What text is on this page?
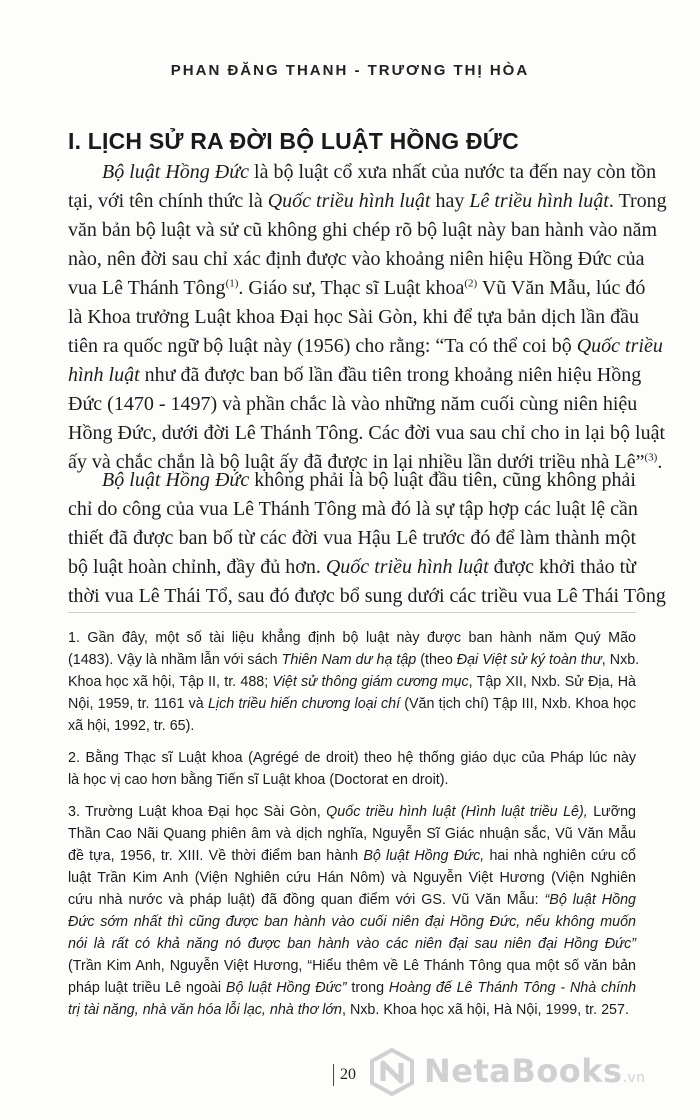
PHAN ĐĂNG THANH - TRƯƠNG THỊ HÒA
I. LỊCH SỬ RA ĐỜI BỘ LUẬT HỒNG ĐỨC
Bộ luật Hồng Đức là bộ luật cổ xưa nhất của nước ta đến nay còn tồn
tại, với tên chính thức là Quốc triều hình luật hay Lê triều hình luật. Trong
văn bản bộ luật và sử cũ không ghi chép rõ bộ luật này ban hành vào năm
nào, nên đời sau chỉ xác định được vào khoảng niên hiệu Hồng Đức của
vua Lê Thánh Tông$^{(1)}$. Giáo sư, Thạc sĩ Luật khoa$^{(2)}$ Vũ Văn Mẫu, lúc đó
là Khoa trưởng Luật khoa Đại học Sài Gòn, khi để tựa bản dịch lần đầu
tiên ra quốc ngữ bộ luật này (1956) cho rằng: “Ta có thể coi bộ Quốc triều
hình luật như đã được ban bố lần đầu tiên trong khoảng niên hiệu Hồng
Đức (1470 - 1497) và phần chắc là vào những năm cuối cùng niên hiệu
Hồng Đức, dưới đời Lê Thánh Tông. Các đời vua sau chỉ cho in lại bộ luật
ấy và chắc chắn là bộ luật ấy đã được in lại nhiều lần dưới triều nhà Lê”$^{(3)}$.
Bộ luật Hồng Đức không phải là bộ luật đầu tiên, cũng không phải
chỉ do công của vua Lê Thánh Tông mà đó là sự tập hợp các luật lệ cần
thiết đã được ban bố từ các đời vua Hậu Lê trước đó để làm thành một
bộ luật hoàn chỉnh, đầy đủ hơn. Quốc triều hình luật được khởi thảo từ
thời vua Lê Thái Tổ, sau đó được bổ sung dưới các triều vua Lê Thái Tông
1. Gần đây, một số tài liệu khẳng định bộ luật này được ban hành năm Quý Mão
(1483). Vậy là nhầm lẫn với sách Thiên Nam dư hạ tập (theo Đại Việt sử ký toàn thư, Nxb.
Khoa học xã hội, Tập II, tr. 488; Việt sử thông giám cương mục, Tập XII, Nxb. Sử Địa, Hà
Nội, 1959, tr. 1161 và Lịch triều hiến chương loại chí (Văn tịch chí) Tập III, Nxb. Khoa học
xã hội, 1992, tr. 65).
2. Bằng Thạc sĩ Luật khoa (Agrégé de droit) theo hệ thống giáo dục của Pháp lúc này
là học vị cao hơn bằng Tiến sĩ Luật khoa (Doctorat en droit).
3. Trường Luật khoa Đại học Sài Gòn, Quốc triều hình luật (Hình luật triều Lê), Lưỡng
Thần Cao Nãi Quang phiên âm và dịch nghĩa, Nguyễn Sĩ Giác nhuận sắc, Vũ Văn Mẫu
đề tựa, 1956, tr. XIII. Về thời điểm ban hành Bộ luật Hồng Đức, hai nhà nghiên cứu cổ
luật Trần Kim Anh (Viện Nghiên cứu Hán Nôm) và Nguyễn Việt Hương (Viện Nghiên
cứu nhà nước và pháp luật) đã đồng quan điểm với GS. Vũ Văn Mẫu: “Bộ luật Hồng
Đức sớm nhất thì cũng được ban hành vào cuối niên đại Hồng Đức, nếu không muốn
nói là rất có khả năng nó được ban hành vào các niên đại sau niên đại Hồng Đức”
(Trần Kim Anh, Nguyễn Việt Hương, “Hiểu thêm về Lê Thánh Tông qua một số văn bản
pháp luật triều Lê ngoài Bộ luật Hồng Đức” trong Hoàng đế Lê Thánh Tông - Nhà chính
trị tài năng, nhà văn hóa lỗi lạc, nhà thơ lớn, Nxb. Khoa học xã hội, Hà Nội, 1999, tr. 257.
20 NetaBooks.vn
